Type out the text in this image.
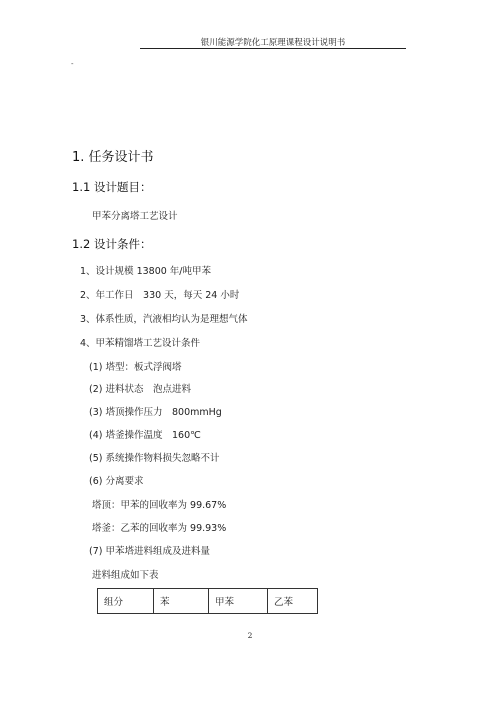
银川能源学院化工原理课程设计说明书
-
1. 任务设计书
1.1 设计题目：
甲苯分离塔工艺设计
1.2 设计条件：
1、设计规模 13800 年/吨甲苯
2、年工作日　330 天，每天 24 小时
3、体系性质，汽液相均认为是理想气体
4、甲苯精馏塔工艺设计条件
(1) 塔型：板式浮阀塔
(2) 进料状态　泡点进料
(3) 塔顶操作压力　800mmHg
(4) 塔釜操作温度　160℃
(5) 系统操作物料损失忽略不计
(6) 分离要求
塔顶：甲苯的回收率为 99.67%
塔釜：乙苯的回收率为 99.93%
(7) 甲苯塔进料组成及进料量
进料组成如下表
组分	苯	甲苯	乙苯
2
